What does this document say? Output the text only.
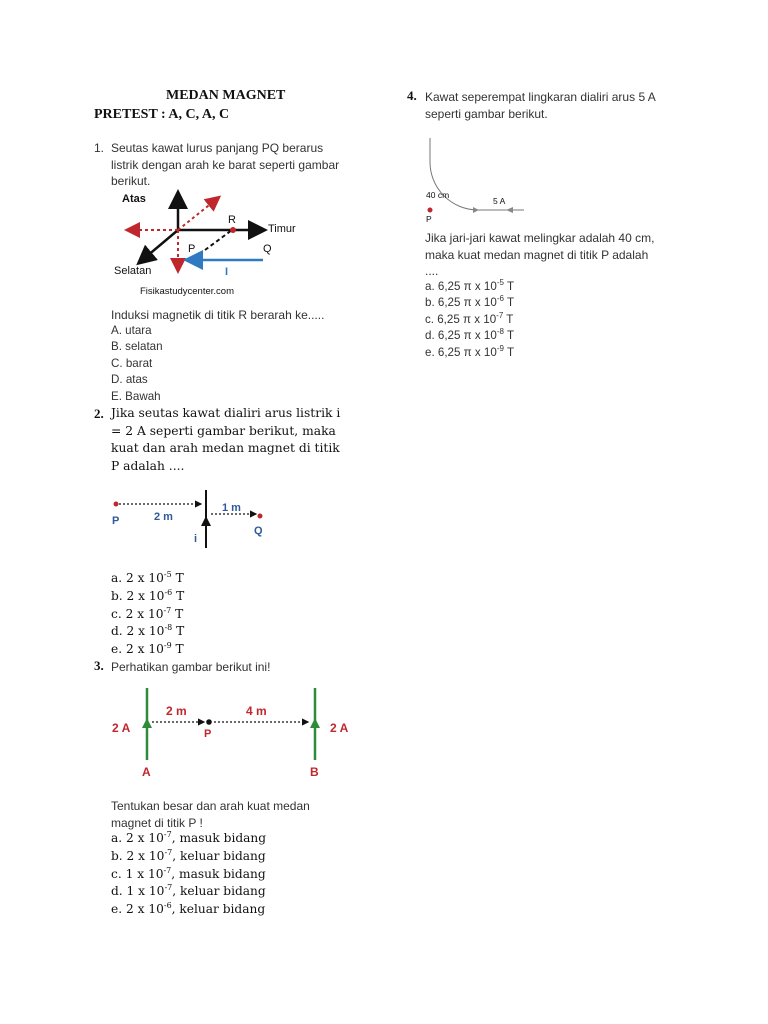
MEDAN MAGNET
PRETEST : A, C, A, C
1. Seutas kawat lurus panjang PQ berarus
listrik dengan arah ke barat seperti gambar
berikut.
Atas
Timur
Selatan
R
P	Q
I
Fisikastudycenter.com
Induksi magnetik di titik R berarah ke.....
A. utara
B. selatan
C. barat
D. atas
E. Bawah
2. Jika seutas kawat dialiri arus listrik i
= 2 A seperti gambar berikut, maka
kuat dan arah medan magnet di titik
P adalah ....
P	2 m
1 m
Q
i
a. 2 x $10^{-5}$ T
b. 2 x $10^{-6}$ T
c. 2 x $10^{-7}$ T
d. 2 x $10^{-8}$ T
e. 2 x $10^{-9}$ T
3. Perhatikan gambar berikut ini!
2 A	2 A
2 m	4 m
P
A	B
Tentukan besar dan arah kuat medan
magnet di titik P !
a. 2 x $10^{-7}$, masuk bidang
b. 2 x $10^{-7}$, keluar bidang
c. 1 x $10^{-7}$, masuk bidang
d. 1 x $10^{-7}$, keluar bidang
e. 2 x $10^{-6}$, keluar bidang
4. Kawat seperempat lingkaran dialiri arus 5 A
seperti gambar berikut.
40 cm
5 A
P
Jika jari-jari kawat melingkar adalah 40 cm,
maka kuat medan magnet di titik P adalah
....
a. 6,25 π x $10^{-5}$ T
b. 6,25 π x $10^{-6}$ T
c. 6,25 π x $10^{-7}$ T
d. 6,25 π x $10^{-8}$ T
e. 6,25 π x $10^{-9}$ T
